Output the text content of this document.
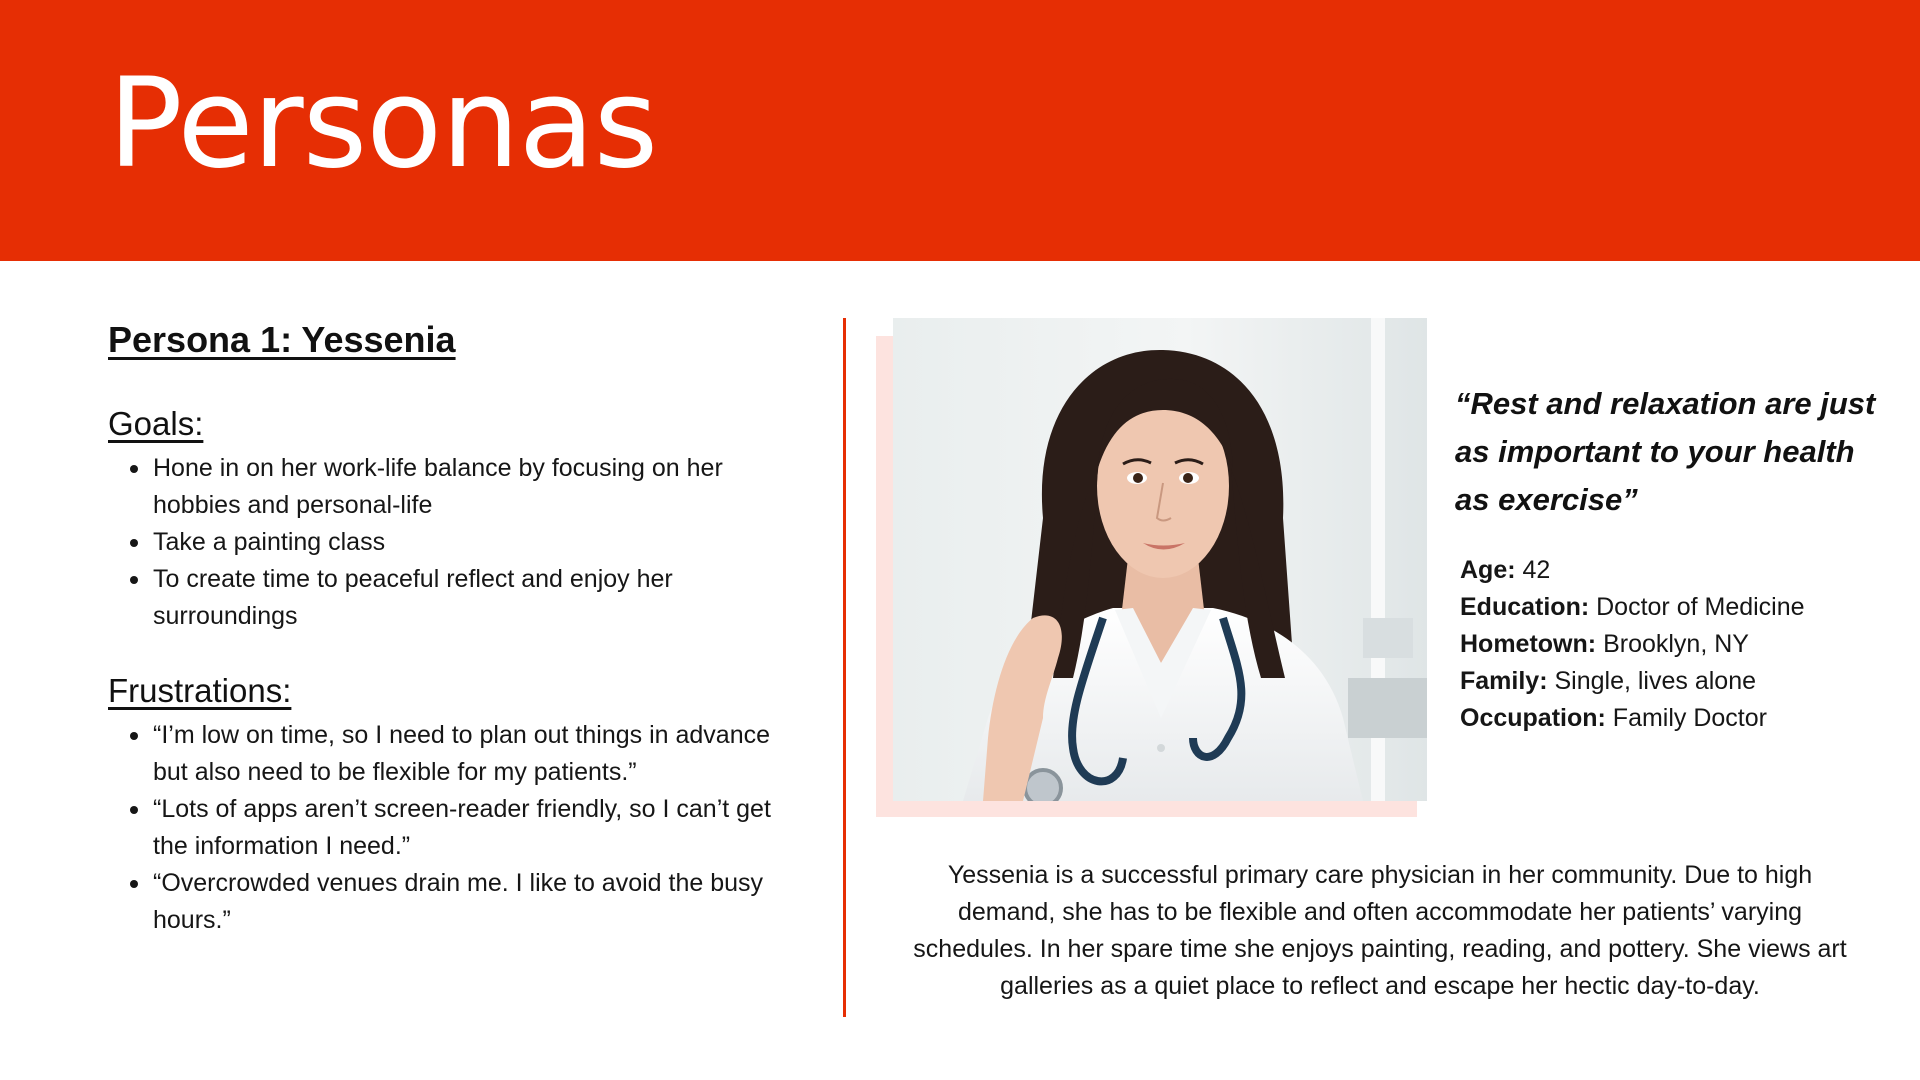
Personas
Persona 1: Yessenia
Goals:
Hone in on her work-life balance by focusing on her hobbies and personal-life
Take a painting class
To create time to peaceful reflect and enjoy her surroundings
Frustrations:
“I’m low on time, so I need to plan out things in advance but also need to be flexible for my patients.”
“Lots of apps aren’t screen-reader friendly, so I can’t get the information I need.”
“Overcrowded venues drain me. I like to avoid the busy hours.”
“Rest and relaxation are just as important to your health as exercise”
Age: 42
Education: Doctor of Medicine
Hometown: Brooklyn, NY
Family: Single, lives alone
Occupation: Family Doctor
Yessenia is a successful primary care physician in her community. Due to high demand, she has to be flexible and often accommodate her patients’ varying schedules. In her spare time she enjoys painting, reading, and pottery. She views art galleries as a quiet place to reflect and escape her hectic day-to-day.
